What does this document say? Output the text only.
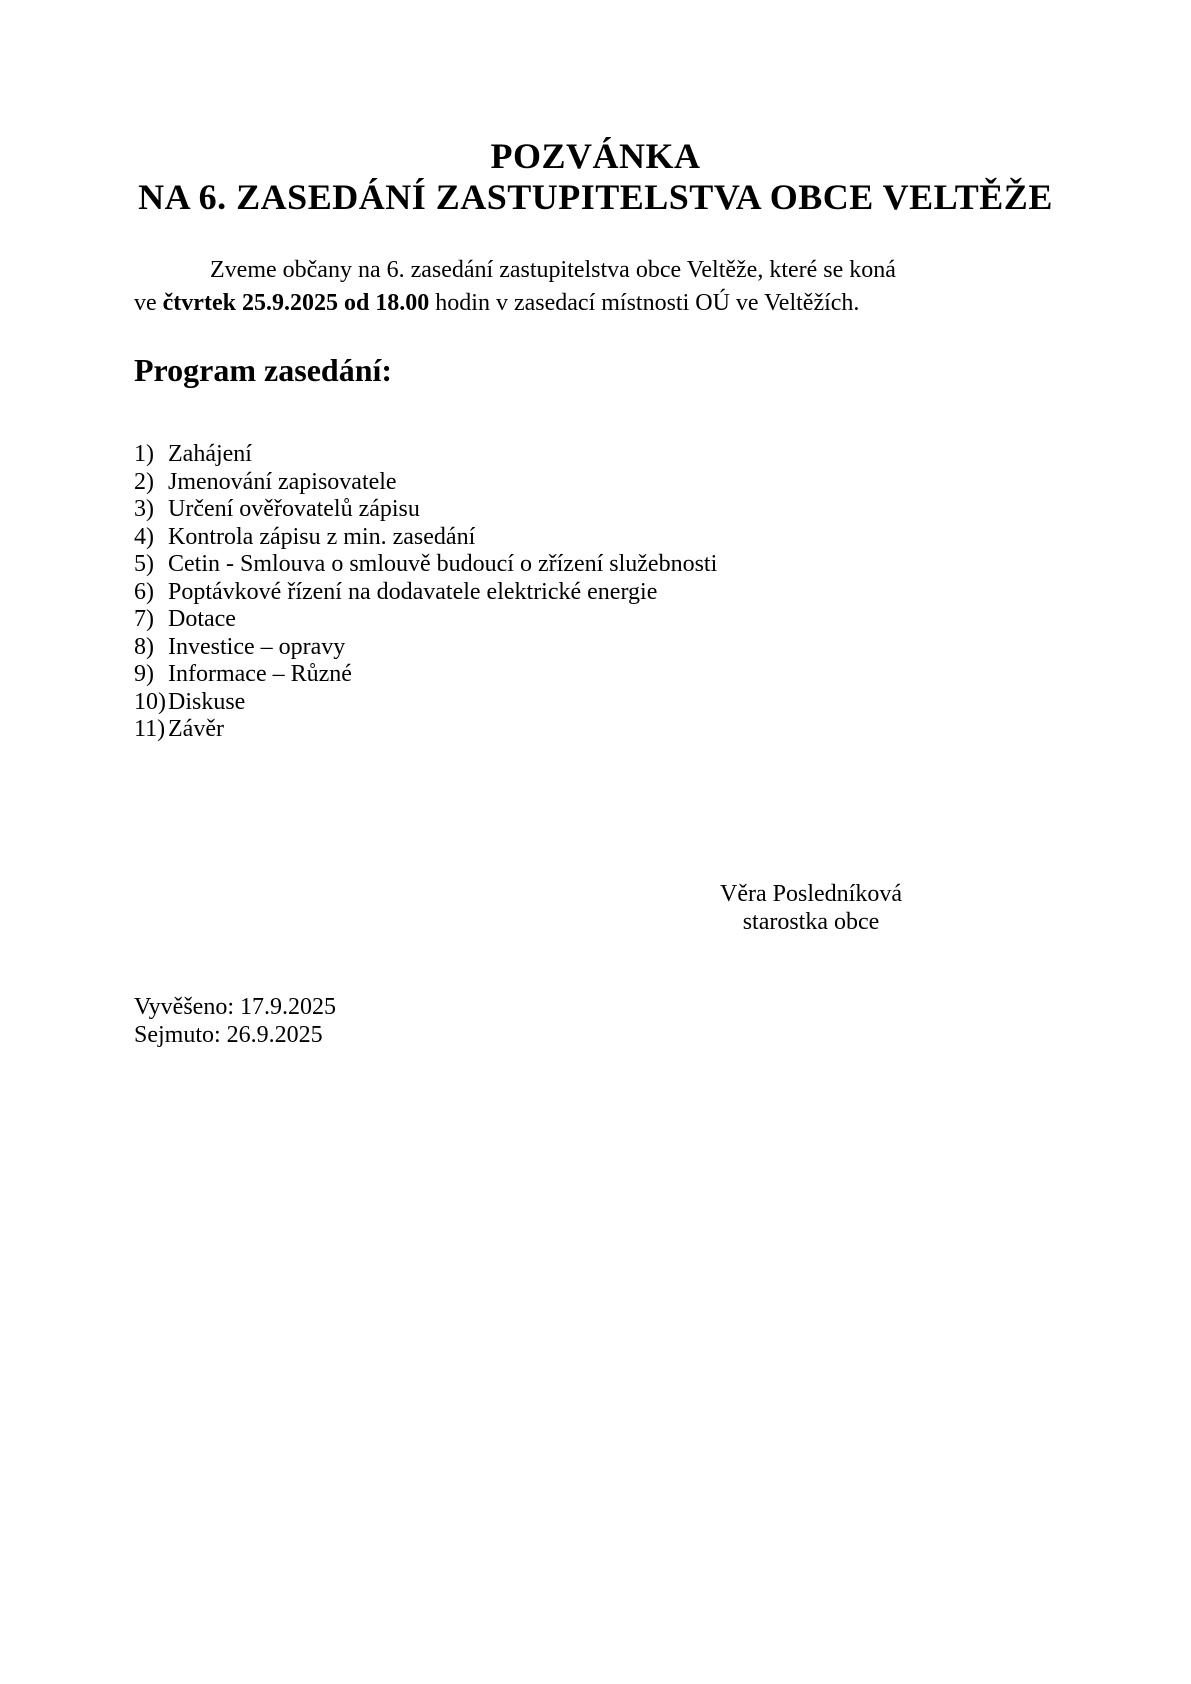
POZVÁNKA
NA 6. ZASEDÁNÍ ZASTUPITELSTVA OBCE VELTĚŽE
Zveme občany na 6. zasedání zastupitelstva obce Veltěže, které se koná
ve čtvrtek 25.9.2025 od 18.00 hodin v zasedací místnosti OÚ ve Veltěžích.
Program zasedání:
1) Zahájení
2) Jmenování zapisovatele
3) Určení ověřovatelů zápisu
4) Kontrola zápisu z min. zasedání
5) Cetin - Smlouva o smlouvě budoucí o zřízení služebnosti
6) Poptávkové řízení na dodavatele elektrické energie
7) Dotace
8) Investice – opravy
9) Informace – Různé
10) Diskuse
11) Závěr
Věra Posledníková
starostka obce
Vyvěšeno: 17.9.2025
Sejmuto: 26.9.2025
